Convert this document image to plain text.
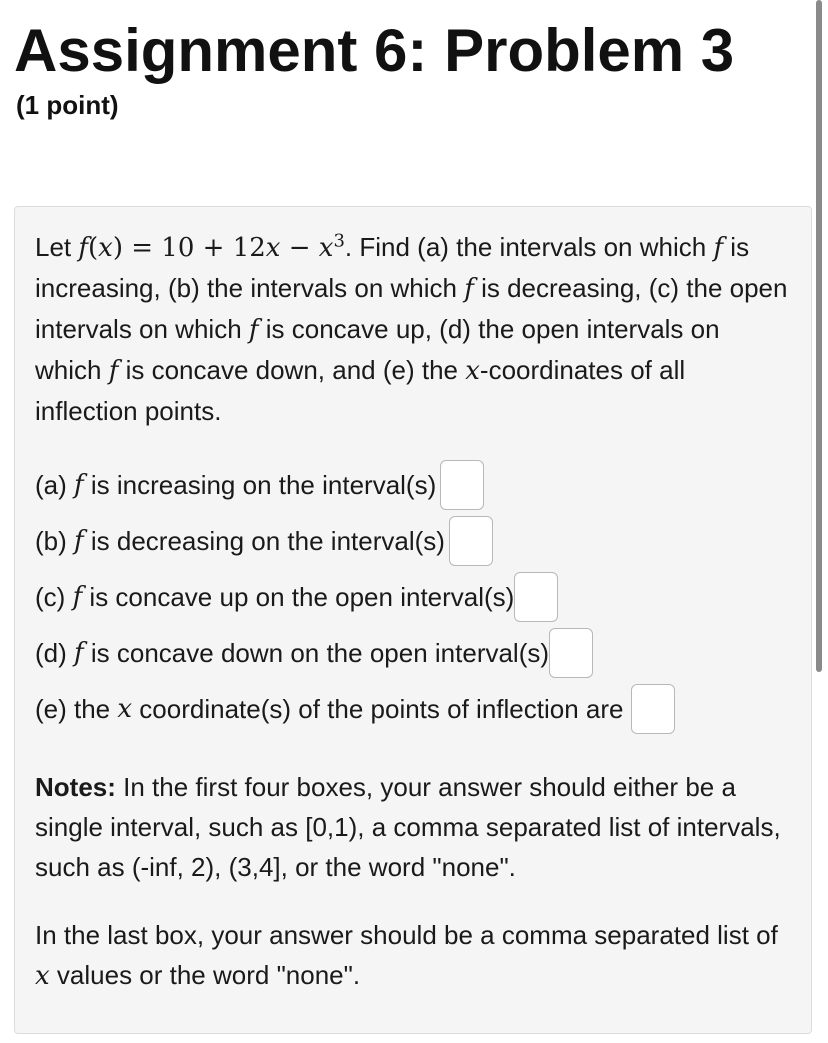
Assignment 6: Problem 3
(1 point)

Let $f(x) = 10 + 12x - x^3$. Find (a) the intervals on which f is increasing, (b) the intervals on which f is decreasing, (c) the open intervals on which f is concave up, (d) the open intervals on which f is concave down, and (e) the x-coordinates of all inflection points.

(a)
f
is increasing on the interval(s)
(b)
f
is decreasing on the interval(s)
(c)
f
is concave up on the open interval(s)
(d)
f
is concave down on the open interval(s)
(e) the
x
coordinate(s) of the points of inflection are
Notes: In the first four boxes, your answer should either be a single interval, such as [0,1), a comma separated list of intervals, such as (-inf, 2), (3,4], or the word "none".
In the last box, your answer should be a comma separated list of x values or the word "none".
